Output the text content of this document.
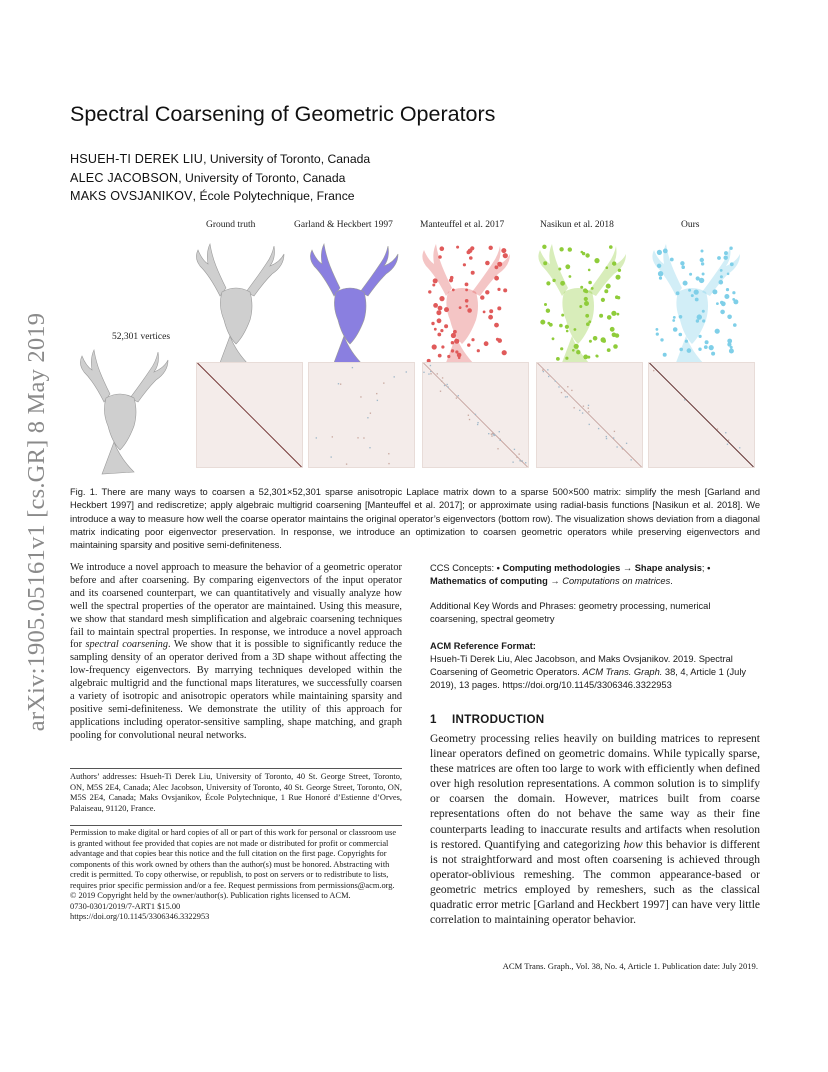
arXiv:1905.05161v1 [cs.GR] 8 May 2019
Spectral Coarsening of Geometric Operators
HSUEH-TI DEREK LIU, University of Toronto, Canada
ALEC JACOBSON, University of Toronto, Canada
MAKS OVSJANIKOV, École Polytechnique, France
Ground truth	Garland & Heckbert 1997	Manteuffel et al. 2017	Nasikun et al. 2018	Ours
52,301 vertices

Fig. 1. There are many ways to coarsen a 52,301×52,301 sparse anisotropic Laplace matrix down to a sparse 500×500 matrix: simplify the mesh [Garland and Heckbert 1997] and rediscretize; apply algebraic multigrid coarsening [Manteuffel et al. 2017]; or approximate using radial-basis functions [Nasikun et al. 2018]. We introduce a way to measure how well the coarse operator maintains the original operator’s eigenvectors (bottom row). The visualization shows deviation from a diagonal matrix indicating poor eigenvector preservation. In response, we introduce an optimization to coarsen geometric operators while preserving eigenvectors and maintaining sparsity and positive semi-definiteness.

We introduce a novel approach to measure the behavior of a geometric operator before and after coarsening. By comparing eigenvectors of the input operator and its coarsened counterpart, we can quantitatively and visually analyze how well the spectral properties of the operator are maintained. Using this measure, we show that standard mesh simplification and algebraic coarsening techniques fail to maintain spectral properties. In response, we introduce a novel approach for spectral coarsening. We show that it is possible to significantly reduce the sampling density of an operator derived from a 3D shape without affecting the low-frequency eigenvectors. By marrying techniques developed within the algebraic multigrid and the functional maps literatures, we successfully coarsen a variety of isotropic and anisotropic operators while maintaining sparsity and positive semi-definiteness. We demonstrate the utility of this approach for applications including operator-sensitive sampling, shape matching, and graph pooling for convolutional neural networks.

Authors’ addresses: Hsueh-Ti Derek Liu, University of Toronto, 40 St. George Street, Toronto, ON, M5S 2E4, Canada; Alec Jacobson, University of Toronto, 40 St. George Street, Toronto, ON, M5S 2E4, Canada; Maks Ovsjanikov, École Polytechnique, 1 Rue Honoré d’Estienne d’Orves, Palaiseau, 91120, France.

Permission to make digital or hard copies of all or part of this work for personal or classroom use is granted without fee provided that copies are not made or distributed for profit or commercial advantage and that copies bear this notice and the full citation on the first page. Copyrights for components of this work owned by others than the author(s) must be honored. Abstracting with credit is permitted. To copy otherwise, or republish, to post on servers or to redistribute to lists, requires prior specific permission and/or a fee. Request permissions from permissions@acm.org.

© 2019 Copyright held by the owner/author(s). Publication rights licensed to ACM.

0730-0301/2019/7-ART1 $15.00

https://doi.org/10.1145/3306346.3322953

CCS Concepts: • Computing methodologies → Shape analysis; • Mathematics of computing → Computations on matrices.

Additional Key Words and Phrases: geometry processing, numerical coarsening, spectral geometry

ACM Reference Format:

Hsueh-Ti Derek Liu, Alec Jacobson, and Maks Ovsjanikov. 2019. Spectral Coarsening of Geometric Operators. ACM Trans. Graph. 38, 4, Article 1 (July 2019), 13 pages. https://doi.org/10.1145/3306346.3322953

1 INTRODUCTION

Geometry processing relies heavily on building matrices to represent linear operators defined on geometric domains. While typically sparse, these matrices are often too large to work with efficiently when defined over high resolution representations. A common solution is to simplify or coarsen the domain. However, matrices built from coarse representations often do not behave the same way as their fine counterparts leading to inaccurate results and artifacts when resolution is restored. Quantifying and categorizing how this behavior is different is not straightforward and most often coarsening is achieved through operator-oblivious remeshing. The common appearance-based or geometric metrics employed by remeshers, such as the classical quadratic error metric [Garland and Heckbert 1997] can have very little correlation to maintaining operator behavior.

ACM Trans. Graph., Vol. 38, No. 4, Article 1. Publication date: July 2019.
